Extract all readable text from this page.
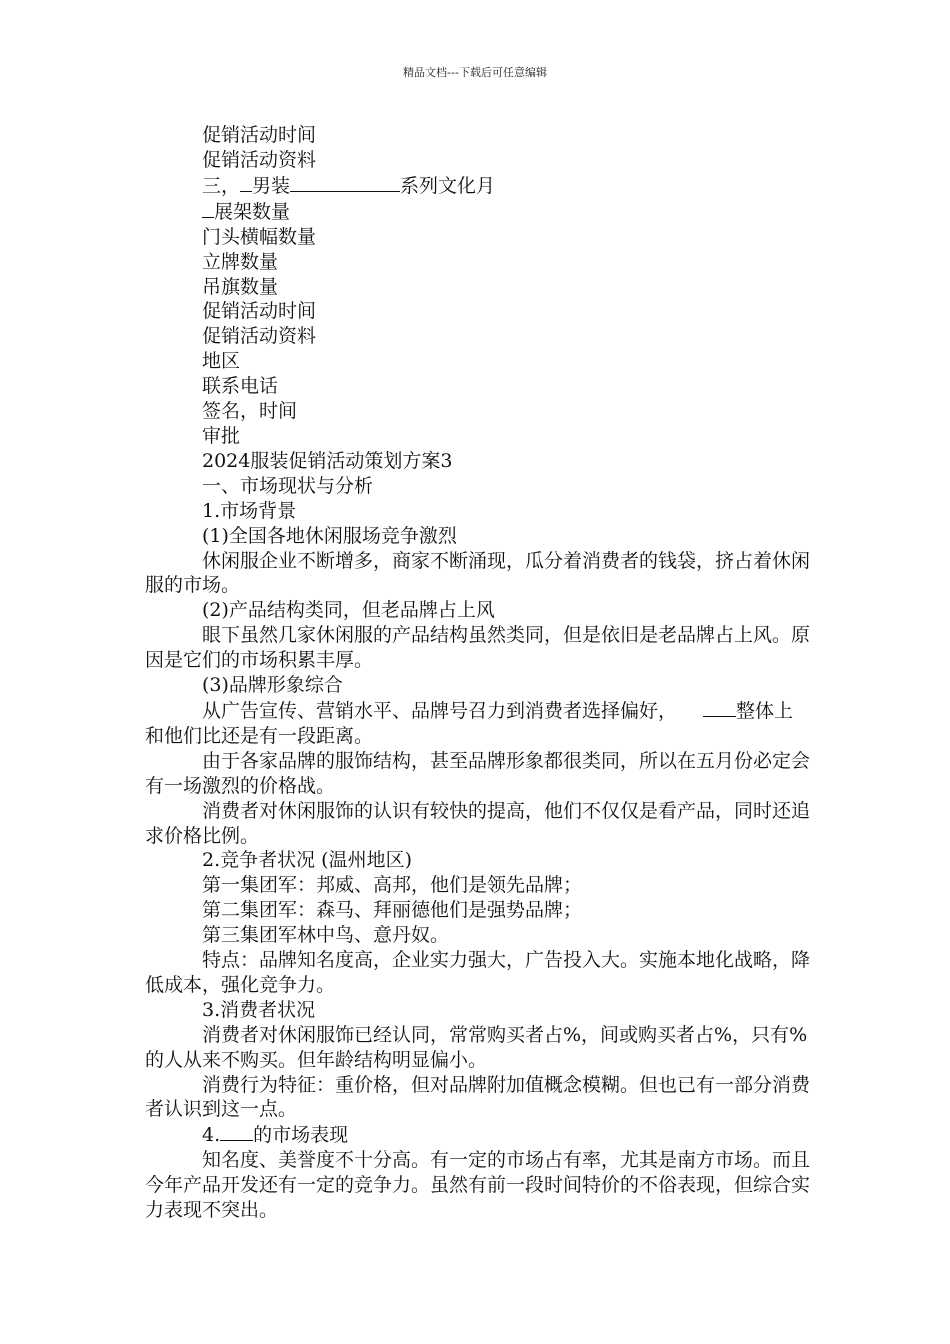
精品文档---下载后可任意编辑
促销活动时间
促销活动资料
三， 男装	系列文化月
展架数量
门头横幅数量
立牌数量
吊旗数量
促销活动时间
促销活动资料
地区
联系电话
签名，时间
审批
2024服装促销活动策划方案3
一、市场现状与分析
1.市场背景
(1)全国各地休闲服场竞争激烈

休闲服企业不断增多，商家不断涌现，瓜分着消费者的钱袋，挤占着休闲服的市场。

(2)产品结构类同，但老品牌占上风

眼下虽然几家休闲服的产品结构虽然类同，但是依旧是老品牌占上风。原因是它们的市场积累丰厚。

(3)品牌形象综合

从广告宣传、营销水平、品牌号召力到消费者选择偏好，	整体上和他们比还是有一段距离。

由于各家品牌的服饰结构，甚至品牌形象都很类同，所以在五月份必定会有一场激烈的价格战。

消费者对休闲服饰的认识有较快的提高，他们不仅仅是看产品，同时还追求价格比例。

2.竞争者状况 (温州地区)
第一集团军：邦威、高邦，他们是领先品牌；
第二集团军：森马、拜丽德他们是强势品牌；
第三集团军林中鸟、意丹奴。

特点：品牌知名度高，企业实力强大，广告投入大。实施本地化战略，降低成本，强化竞争力。

3.消费者状况

消费者对休闲服饰已经认同，常常购买者占%，间或购买者占%，只有%的人从来不购买。但年龄结构明显偏小。

消费行为特征：重价格，但对品牌附加值概念模糊。但也已有一部分消费者认识到这一点。

4. 的市场表现

知名度、美誉度不十分高。有一定的市场占有率，尤其是南方市场。而且今年产品开发还有一定的竞争力。虽然有前一段时间特价的不俗表现，但综合实力表现不突出。
